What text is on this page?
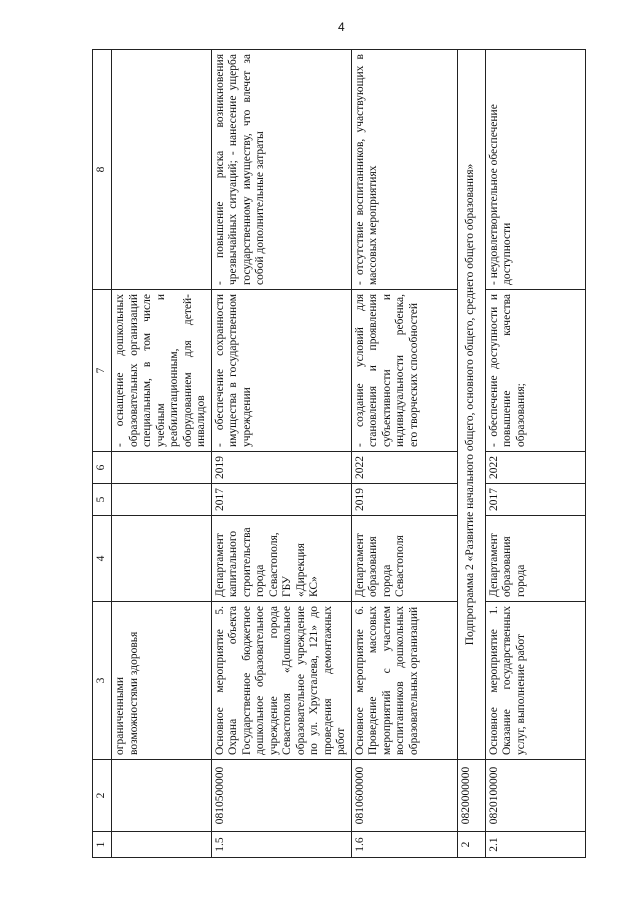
4
1	2	3	4	5	6	7	8
		ограниченными возможностями здоровья				- оснащение дошкольных образовательных организаций специальным, в том числе учебным и реабилитационным, оборудованием для детей-инвалидов	
1.5	0810500000	Основное мероприятие 5. Охрана объекта Государственное бюджетное дошкольное образовательное учреждение города Севастополя «Дошкольное образовательное учреждение по ул. Хрусталева, 121» до проведения демонтажных работ	Департамент капитального строительства города Севастополя, ГБУ «Дирекция КС»	2017	2019	- обеспечение сохранности имущества в государственном учреждении	- повышение риска возникновения чрезвычайных ситуаций; - нанесение ущерба государственному имуществу, что влечет за собой дополнительные затраты
1.6	0810600000	Основное мероприятие 6. Проведение массовых мероприятий с участием воспитанников дошкольных образовательных организаций	Департамент образования города Севастополя	2019	2022	- создание условий для становления и проявления субъективности и индивидуальности ребенка, его творческих способностей	- отсутствие воспитанников, участвующих в массовых мероприятиях
2	0820000000	Подпрограмма 2 «Развитие начального общего, основного общего, среднего общего образования»					
2.1	0820100000	Основное мероприятие 1. Оказание государственных услуг, выполнение работ	Департамент образования города	2017	2022	- обеспечение доступности и повышение качества образования;	- неудовлетворительное обеспечение доступности
